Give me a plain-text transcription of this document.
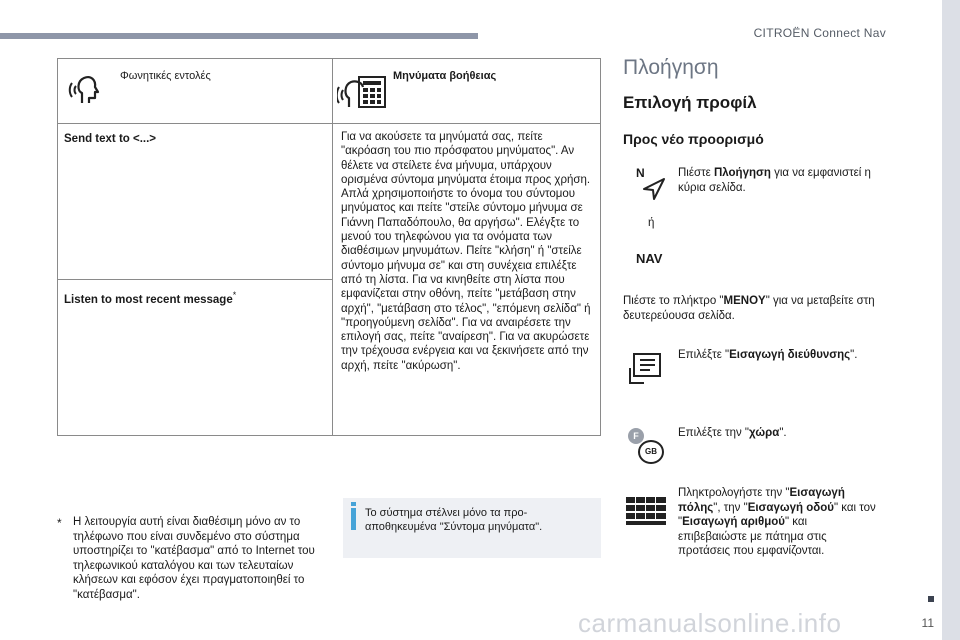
CITROËN Connect Nav
11
Φωνητικές εντολές	Μηνύματα βοήθειας

Send text to <...>	Για να ακούσετε τα μηνύματά σας, πείτε "ακρόαση του πιο πρόσφατου μηνύματος". Αν θέλετε να στείλετε ένα μήνυμα, υπάρχουν ορισμένα σύντομα μηνύματα έτοιμα προς χρήση. Απλά χρησιμοποιήστε το όνομα του σύντομου μηνύματος και πείτε "στείλε σύντομο μήνυμα σε Γιάννη Παπαδόπουλο, θα αργήσω". Ελέγξτε το μενού του τηλεφώνου για τα ονόματα των διαθέσιμων μηνυμάτων. Πείτε "κλήση" ή "στείλε σύντομο μήνυμα σε" και στη συνέχεια επιλέξτε από τη λίστα. Για να κινηθείτε στη λίστα που εμφανίζεται στην οθόνη, πείτε "μετάβαση στην αρχή", "μετάβαση στο τέλος", "επόμενη σελίδα" ή "προηγούμενη σελίδα". Για να αναιρέσετε την επιλογή σας, πείτε "αναίρεση". Για να ακυρώσετε την τρέχουσα ενέργεια και να ξεκινήσετε από την αρχή, πείτε "ακύρωση".

Listen to most recent message*
* Η λειτουργία αυτή είναι διαθέσιμη μόνο αν το τηλέφωνο που είναι συνδεμένο στο σύστημα υποστηρίζει το "κατέβασμα" από το Internet του τηλεφωνικού καταλόγου και των τελευταίων κλήσεων και εφόσον έχει πραγματοποιηθεί το "κατέβασμα".
Το σύστημα στέλνει μόνο τα προ-αποθηκευμένα "Σύντομα μηνύματα".
Πλοήγηση
Επιλογή προφίλ
Προς νέο προορισμό
N
ή
NAV
Πιέστε Πλοήγηση για να εμφανιστεί η κύρια σελίδα.
Πιέστε το πλήκτρο "MENOY" για να μεταβείτε στη δευτερεύουσα σελίδα.
Επιλέξτε "Εισαγωγή διεύθυνσης".
F
GB
Επιλέξτε την "χώρα".
Πληκτρολογήστε την "Εισαγωγή πόλης", την "Εισαγωγή οδού" και τον "Εισαγωγή αριθμού" και επιβεβαιώστε με πάτημα στις προτάσεις που εμφανίζονται.
carmanualsonline.info
